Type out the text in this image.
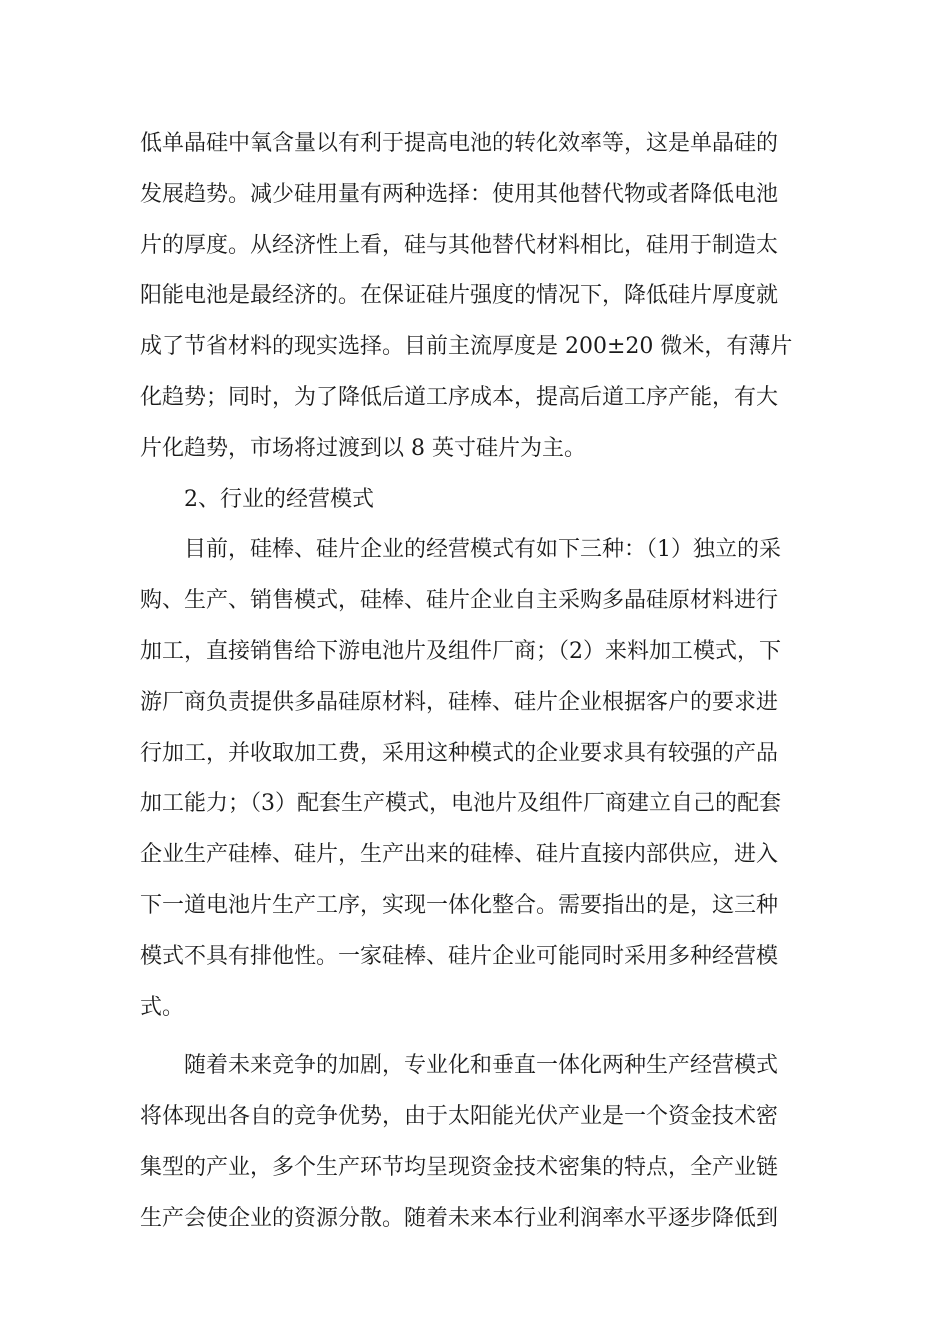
低单晶硅中氧含量以有利于提高电池的转化效率等，这是单晶硅的
发展趋势。减少硅用量有两种选择：使用其他替代物或者降低电池
片的厚度。从经济性上看，硅与其他替代材料相比，硅用于制造太
阳能电池是最经济的。在保证硅片强度的情况下，降低硅片厚度就
成了节省材料的现实选择。目前主流厚度是 200±20 微米，有薄片
化趋势；同时，为了降低后道工序成本，提高后道工序产能，有大
片化趋势，市场将过渡到以 8 英寸硅片为主。
2、行业的经营模式
目前，硅棒、硅片企业的经营模式有如下三种：（1）独立的采
购、生产、销售模式，硅棒、硅片企业自主采购多晶硅原材料进行
加工，直接销售给下游电池片及组件厂商；（2）来料加工模式，下
游厂商负责提供多晶硅原材料，硅棒、硅片企业根据客户的要求进
行加工，并收取加工费，采用这种模式的企业要求具有较强的产品
加工能力；（3）配套生产模式，电池片及组件厂商建立自己的配套
企业生产硅棒、硅片，生产出来的硅棒、硅片直接内部供应，进入
下一道电池片生产工序，实现一体化整合。需要指出的是，这三种
模式不具有排他性。一家硅棒、硅片企业可能同时采用多种经营模
式。
随着未来竞争的加剧，专业化和垂直一体化两种生产经营模式
将体现出各自的竞争优势，由于太阳能光伏产业是一个资金技术密
集型的产业，多个生产环节均呈现资金技术密集的特点，全产业链
生产会使企业的资源分散。随着未来本行业利润率水平逐步降低到
